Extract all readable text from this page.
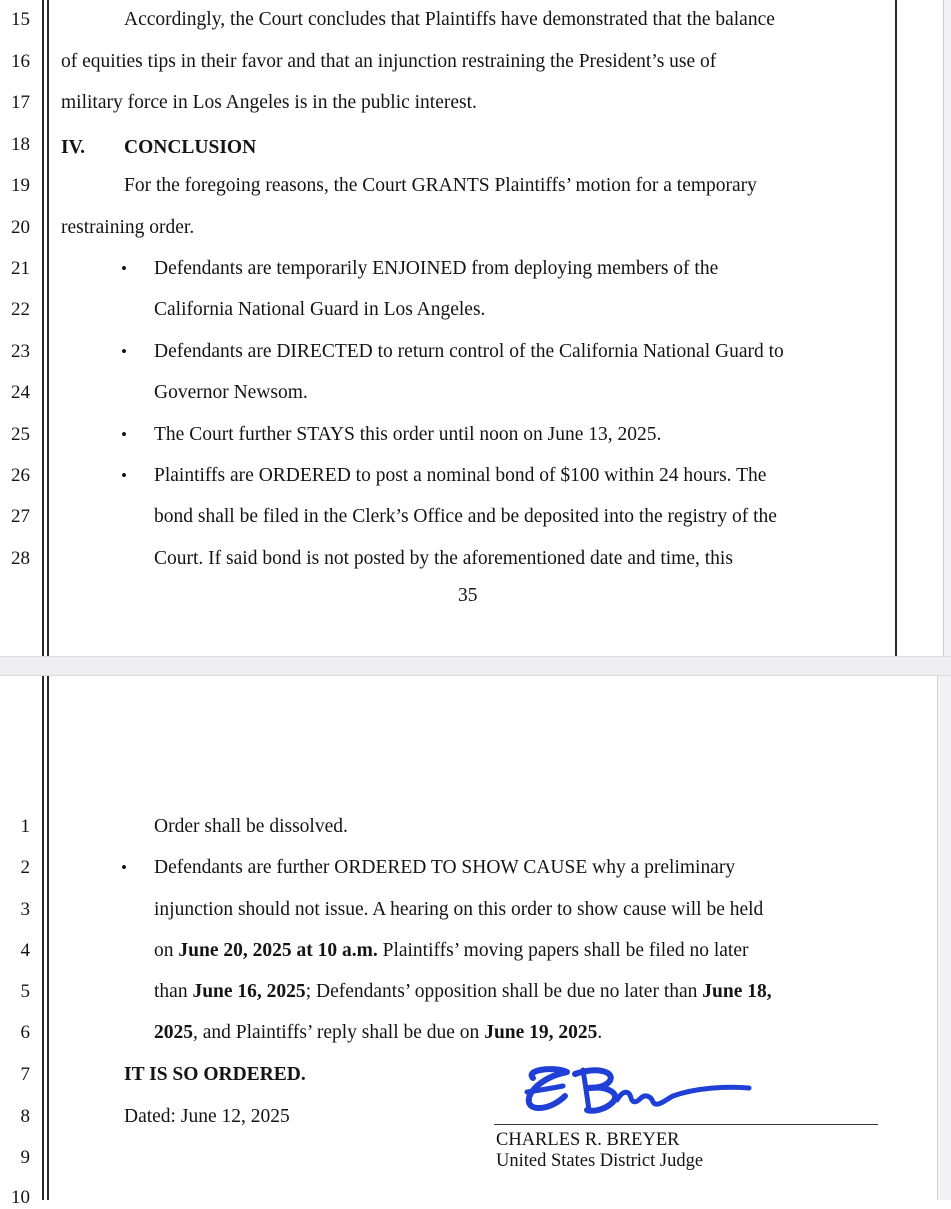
15
16
17
18
19
20
21
22
23
24
25
26
27
28
Accordingly, the Court concludes that Plaintiffs have demonstrated that the balance
of equities tips in their favor and that an injunction restraining the President’s use of
military force in Los Angeles is in the public interest.
IV. CONCLUSION
For the foregoing reasons, the Court GRANTS Plaintiffs’ motion for a temporary
restraining order.
• Defendants are temporarily ENJOINED from deploying members of the
California National Guard in Los Angeles.
• Defendants are DIRECTED to return control of the California National Guard to
Governor Newsom.
• The Court further STAYS this order until noon on June 13, 2025.
• Plaintiffs are ORDERED to post a nominal bond of $100 within 24 hours. The
bond shall be filed in the Clerk’s Office and be deposited into the registry of the
Court. If said bond is not posted by the aforementioned date and time, this
35
1
2
3
4
5
6
7
8
9
10
Order shall be dissolved.
• Defendants are further ORDERED TO SHOW CAUSE why a preliminary
injunction should not issue. A hearing on this order to show cause will be held
on June 20, 2025 at 10 a.m. Plaintiffs’ moving papers shall be filed no later
than June 16, 2025; Defendants’ opposition shall be due no later than June 18,
2025, and Plaintiffs’ reply shall be due on June 19, 2025.
IT IS SO ORDERED.
Dated: June 12, 2025
CHARLES R. BREYER
United States District Judge
